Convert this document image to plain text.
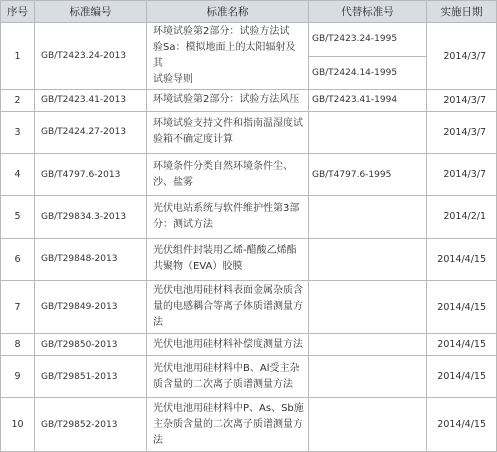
序号	标准编号	标准名称	代替标准号	实施日期
1	GB/T2423.24-2013	环境试验第2部分：试验方法试
验Sa：模拟地面上的太阳辐射及其
试验导则	GB/T2423.24-1995	2014/3/7
			GB/T2424.14-1995	
2	GB/T2423.41-2013	环境试验第2部分：试验方法风压	GB/T2423.41-1994	2014/3/7
3	GB/T2424.27-2013	环境试验支持文件和指南温湿度试
验箱不确定度计算		2014/3/7
4	GB/T4797.6-2013	环境条件分类自然环境条件尘、
沙、盐雾	GB/T4797.6-1995	2014/3/7
5	GB/T29834.3-2013	光伏电站系统与软件维护性第3部
分：测试方法		2014/2/1
6	GB/T29848-2013	光伏组件封装用乙烯-醋酸乙烯酯
共聚物（EVA）胶膜		2014/4/15
7	GB/T29849-2013	光伏电池用硅材料表面金属杂质含
量的电感耦合等离子体质谱测量方
法		2014/4/15
8	GB/T29850-2013	光伏电池用硅材料补偿度测量方法		2014/4/15
9	GB/T29851-2013	光伏电池用硅材料中B、Al受主杂
质含量的二次离子质谱测量方法		2014/4/15
10	GB/T29852-2013	光伏电池用硅材料中P、As、Sb施
主杂质含量的二次离子质谱测量方
法		2014/4/15
